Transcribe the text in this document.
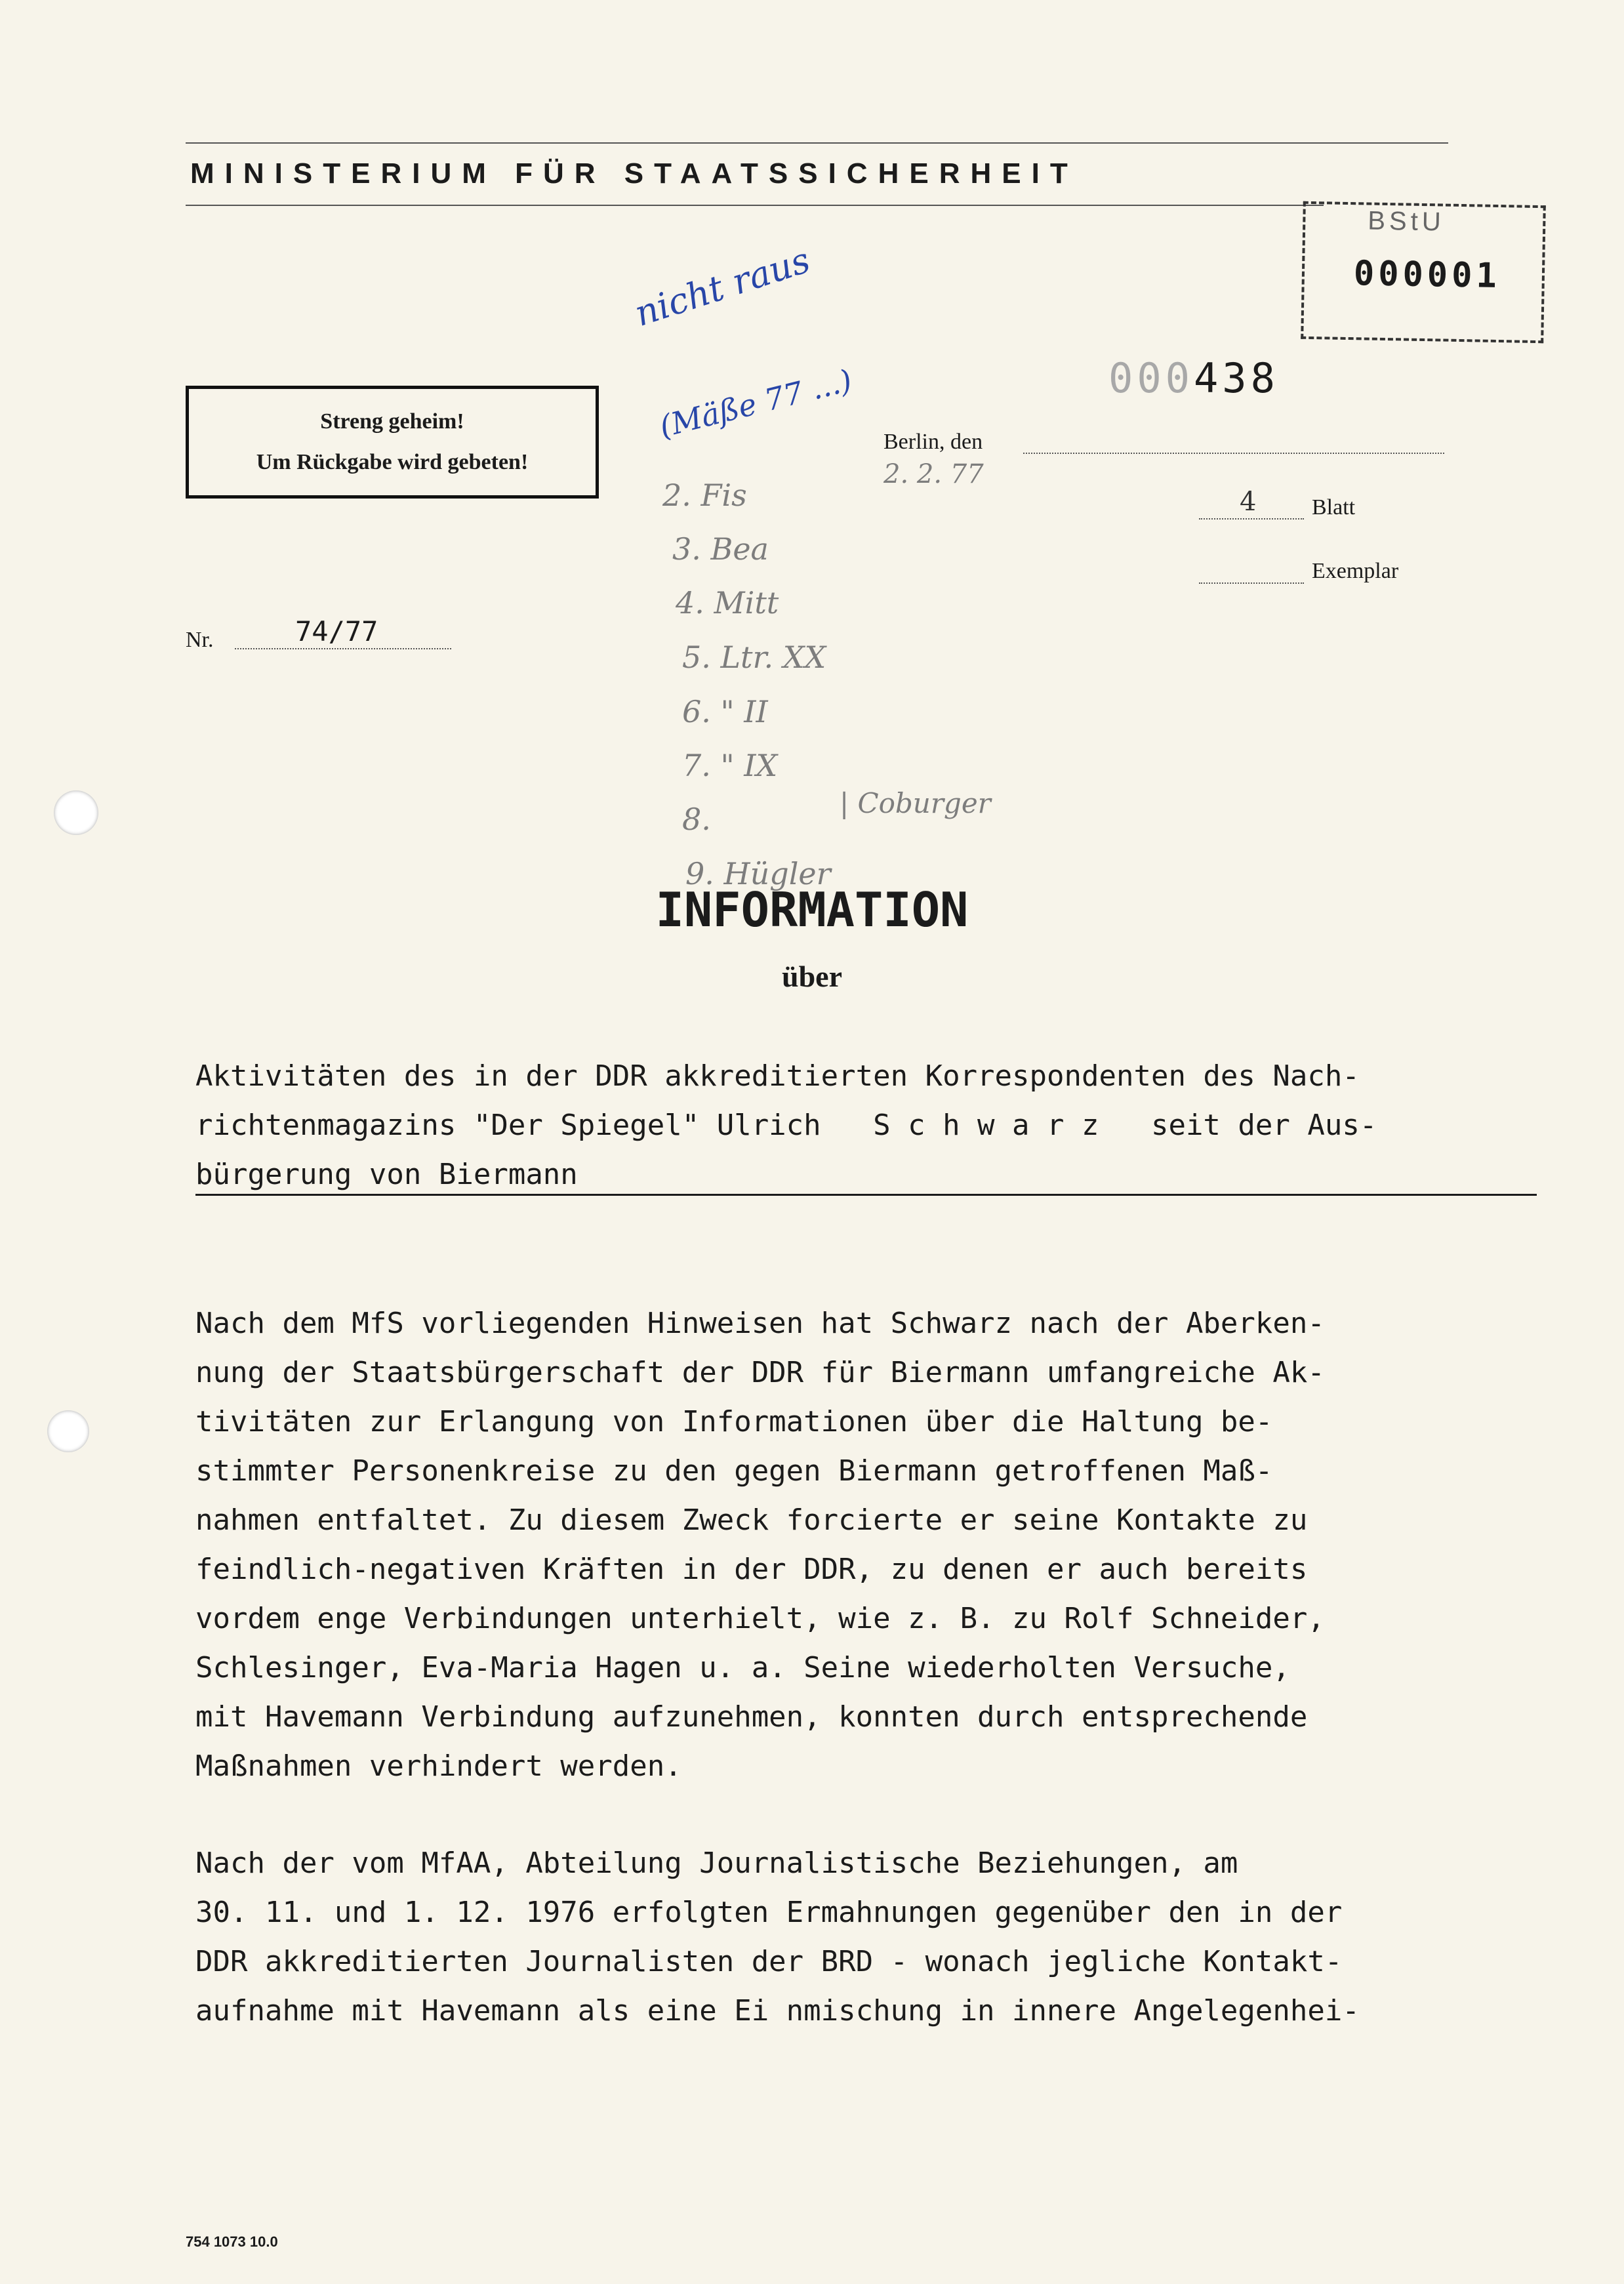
MINISTERIUM FÜR STAATSSICHERHEIT
BStU
000001
000438
Streng geheim!
Um Rückgabe wird gebeten!
nicht raus
(Mäße 77 ...)
2. Fis
3. Bea
4. Mitt
5. Ltr. XX
6. " II
7. " IX
8.	| Coburger
9. Hügler
Berlin, den
2. 2. 77
4 Blatt
Exemplar
Nr.	74/77
INFORMATION
über
Aktivitäten des in der DDR akkreditierten Korrespondenten des Nach-
richtenmagazins "Der Spiegel" Ulrich   S c h w a r z   seit der Aus-
bürgerung von Biermann
Nach dem MfS vorliegenden Hinweisen hat Schwarz nach der Aberken-
nung der Staatsbürgerschaft der DDR für Biermann umfangreiche Ak-
tivitäten zur Erlangung von Informationen über die Haltung be-
stimmter Personenkreise zu den gegen Biermann getroffenen Maß-
nahmen entfaltet. Zu diesem Zweck forcierte er seine Kontakte zu
feindlich-negativen Kräften in der DDR, zu denen er auch bereits
vordem enge Verbindungen unterhielt, wie z. B. zu Rolf Schneider,
Schlesinger, Eva-Maria Hagen u. a. Seine wiederholten Versuche,
mit Havemann Verbindung aufzunehmen, konnten durch entsprechende
Maßnahmen verhindert werden.
Nach der vom MfAA, Abteilung Journalistische Beziehungen, am
30. 11. und 1. 12. 1976 erfolgten Ermahnungen gegenüber den in der
DDR akkreditierten Journalisten der BRD - wonach jegliche Kontakt-
aufnahme mit Havemann als eine Ei nmischung in innere Angelegenhei-
754 1073 10.0
